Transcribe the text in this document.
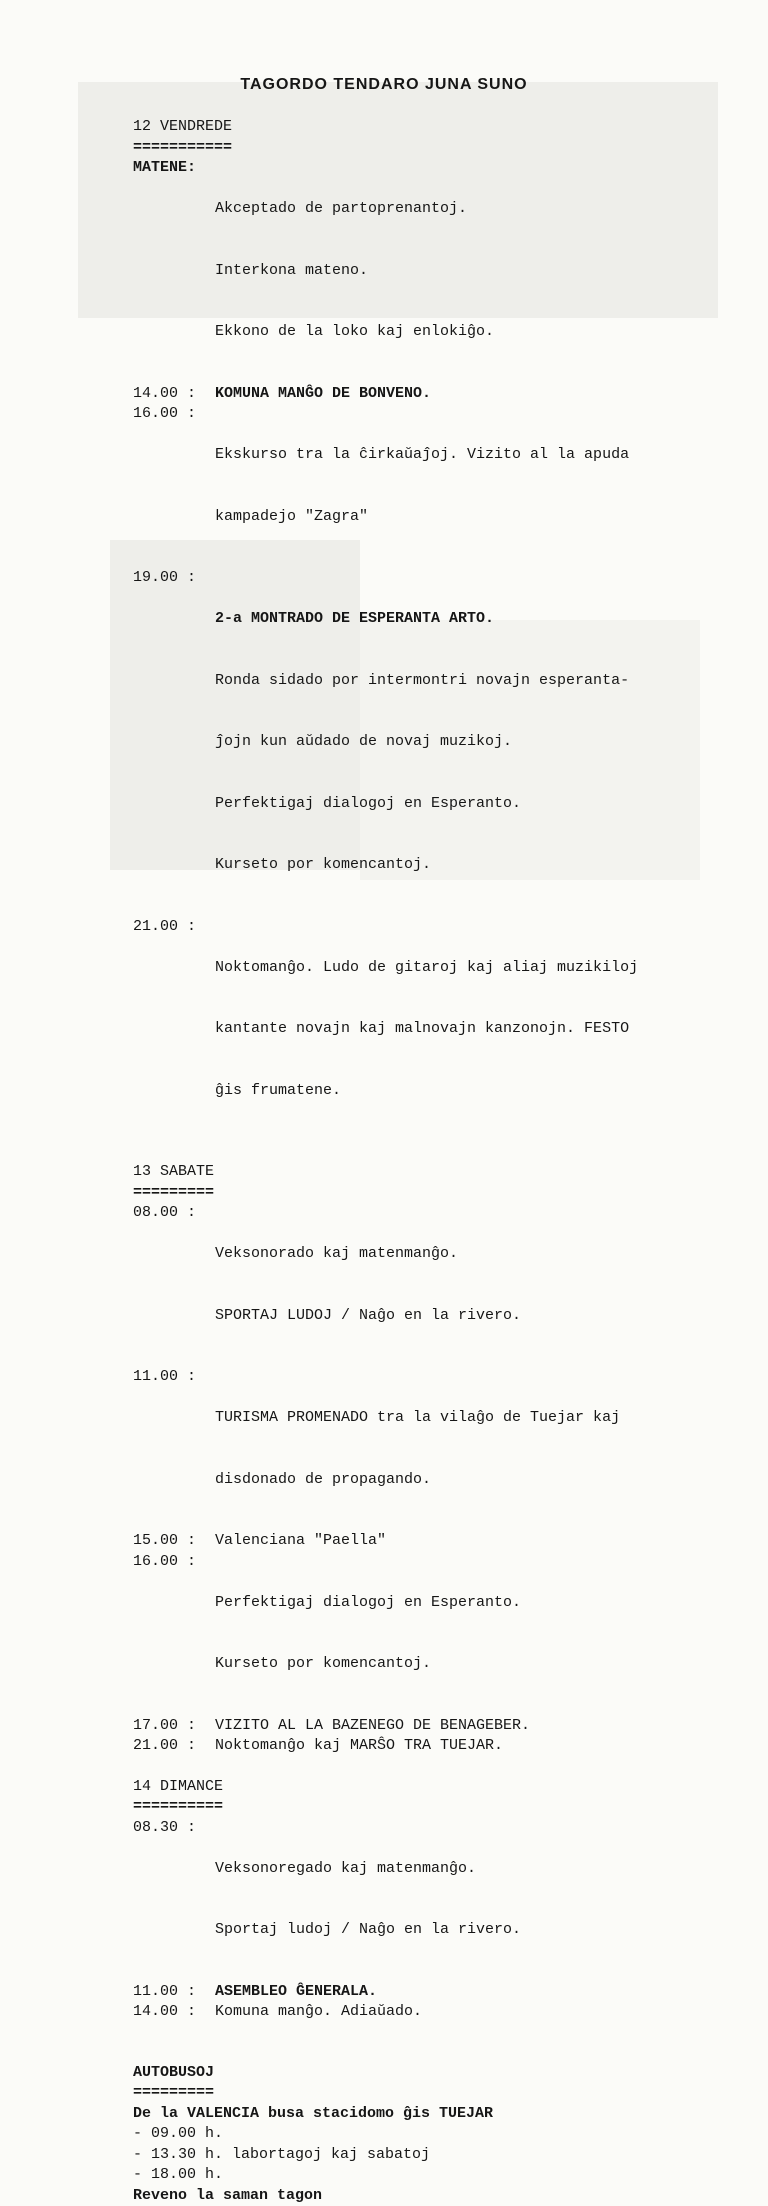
TAGORDO TENDARO JUNA SUNO
12 VENDREDE
===========
MATENE:

Akceptado de partoprenantoj.

Interkona mateno.

Ekkono de la loko kaj enlokiĝo.

14.00 :	KOMUNA MANĜO DE BONVENO.
16.00 :

Ekskurso tra la ĉirkaŭaĵoj. Vizito al la apuda

kampadejo "Zagra"

19.00 :

2-a MONTRADO DE ESPERANTA ARTO.

Ronda sidado por intermontri novajn esperanta-

ĵojn kun aŭdado de novaj muzikoj.

Perfektigaj dialogoj en Esperanto.

Kurseto por komencantoj.

21.00 :

Noktomanĝo. Ludo de gitaroj kaj aliaj muzikiloj

kantante novajn kaj malnovajn kanzonojn. FESTO

ĝis frumatene.

13 SABATE
=========
08.00 :

Veksonorado kaj matenmanĝo.

SPORTAJ LUDOJ / Naĝo en la rivero.

11.00 :

TURISMA PROMENADO tra la vilaĝo de Tuejar kaj

disdonado de propagando.

15.00 :	Valenciana "Paella"
16.00 :

Perfektigaj dialogoj en Esperanto.

Kurseto por komencantoj.

17.00 :	VIZITO AL LA BAZENEGO DE BENAGEBER.
21.00 :	Noktomanĝo kaj MARŜO TRA TUEJAR.
14 DIMANCE
==========
08.30 :

Veksonoregado kaj matenmanĝo.

Sportaj ludoj / Naĝo en la rivero.

11.00 :	ASEMBLEO ĜENERALA.
14.00 :	Komuna manĝo. Adiaŭado.
AUTOBUSOJ
=========
De la VALENCIA busa stacidomo ĝis TUEJAR
- 09.00 h.
- 13.30 h. labortagoj kaj sabatoj
- 18.00 h.
Reveno la saman tagon
